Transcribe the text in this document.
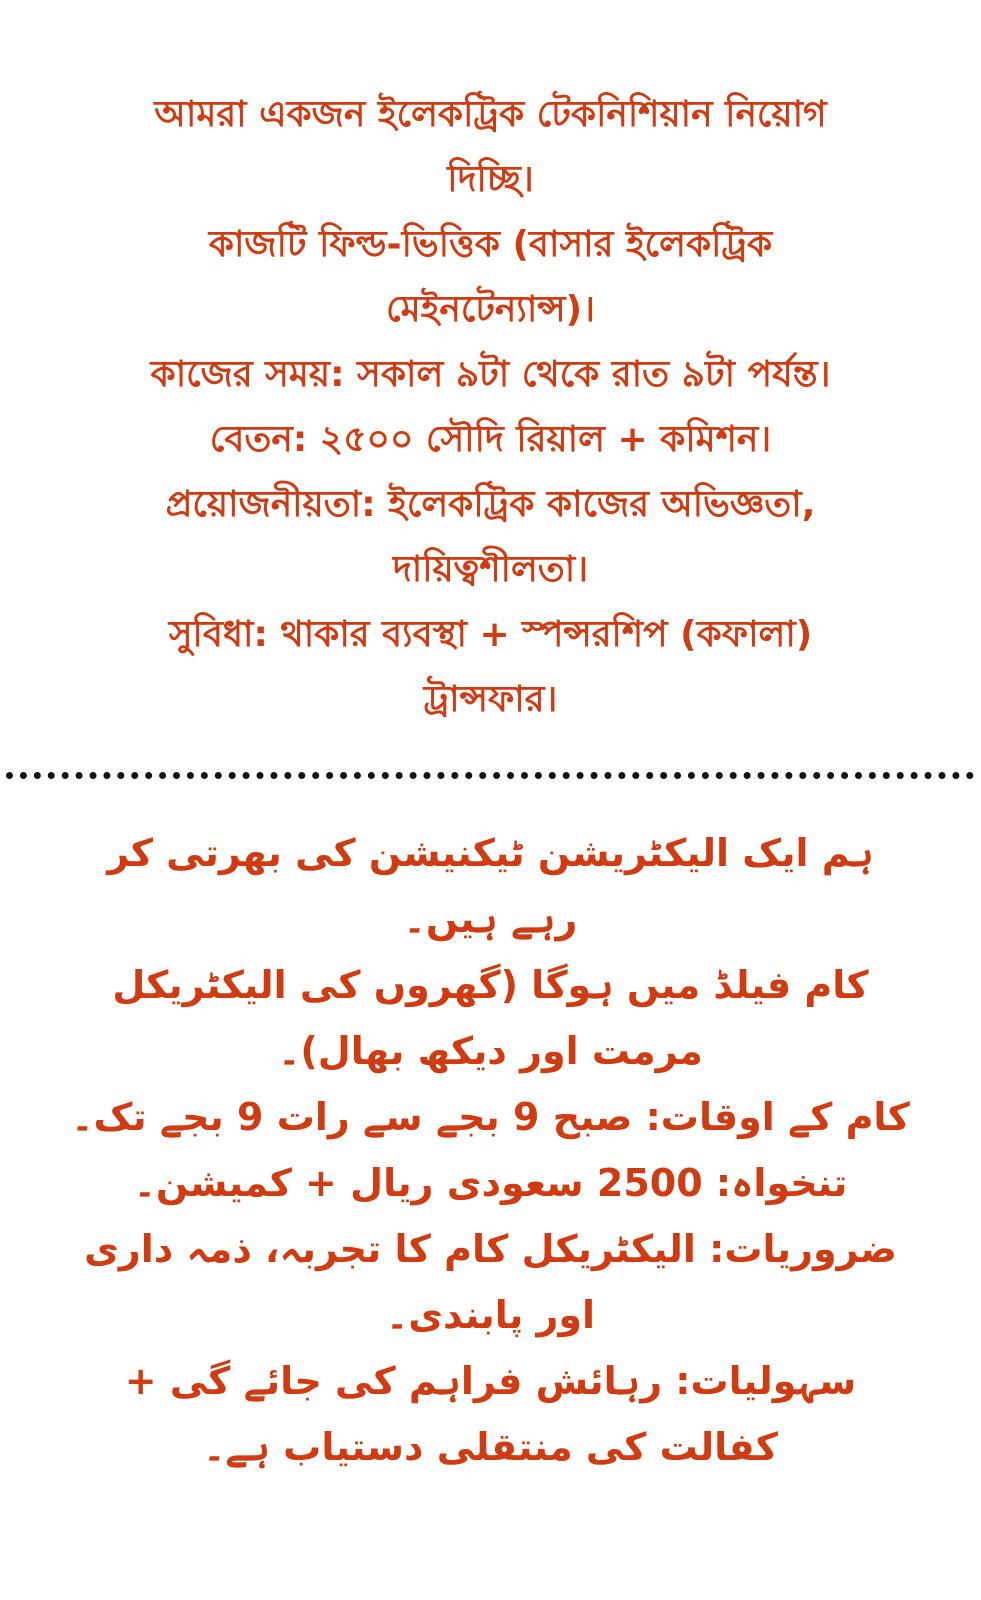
আমরা একজন ইলেকট্রিক টেকনিশিয়ান নিয়োগ
দিচ্ছি।
কাজটি ফিল্ড-ভিত্তিক (বাসার ইলেকট্রিক
মেইনটেন্যান্স)।
কাজের সময়: সকাল ৯টা থেকে রাত ৯টা পর্যন্ত।
বেতন: ২৫০০ সৌদি রিয়াল + কমিশন।
প্রয়োজনীয়তা: ইলেকট্রিক কাজের অভিজ্ঞতা,
দায়িত্বশীলতা।
সুবিধা: থাকার ব্যবস্থা + স্পন্সরশিপ (কফালা)
ট্রান্সফার।
ہم ایک الیکٹریشن ٹیکنیشن کی بھرتی کر
رہے ہیں۔
کام فیلڈ میں ہوگا (گھروں کی الیکٹریکل
مرمت اور دیکھ بھال)۔
کام کے اوقات: صبح 9 بجے سے رات 9 بجے تک۔
تنخواہ: 2500 سعودی ریال + کمیشن۔
ضروریات: الیکٹریکل کام کا تجربہ، ذمہ داری
اور پابندی۔
سہولیات: رہائش فراہم کی جائے گی +
کفالت کی منتقلی دستیاب ہے۔
